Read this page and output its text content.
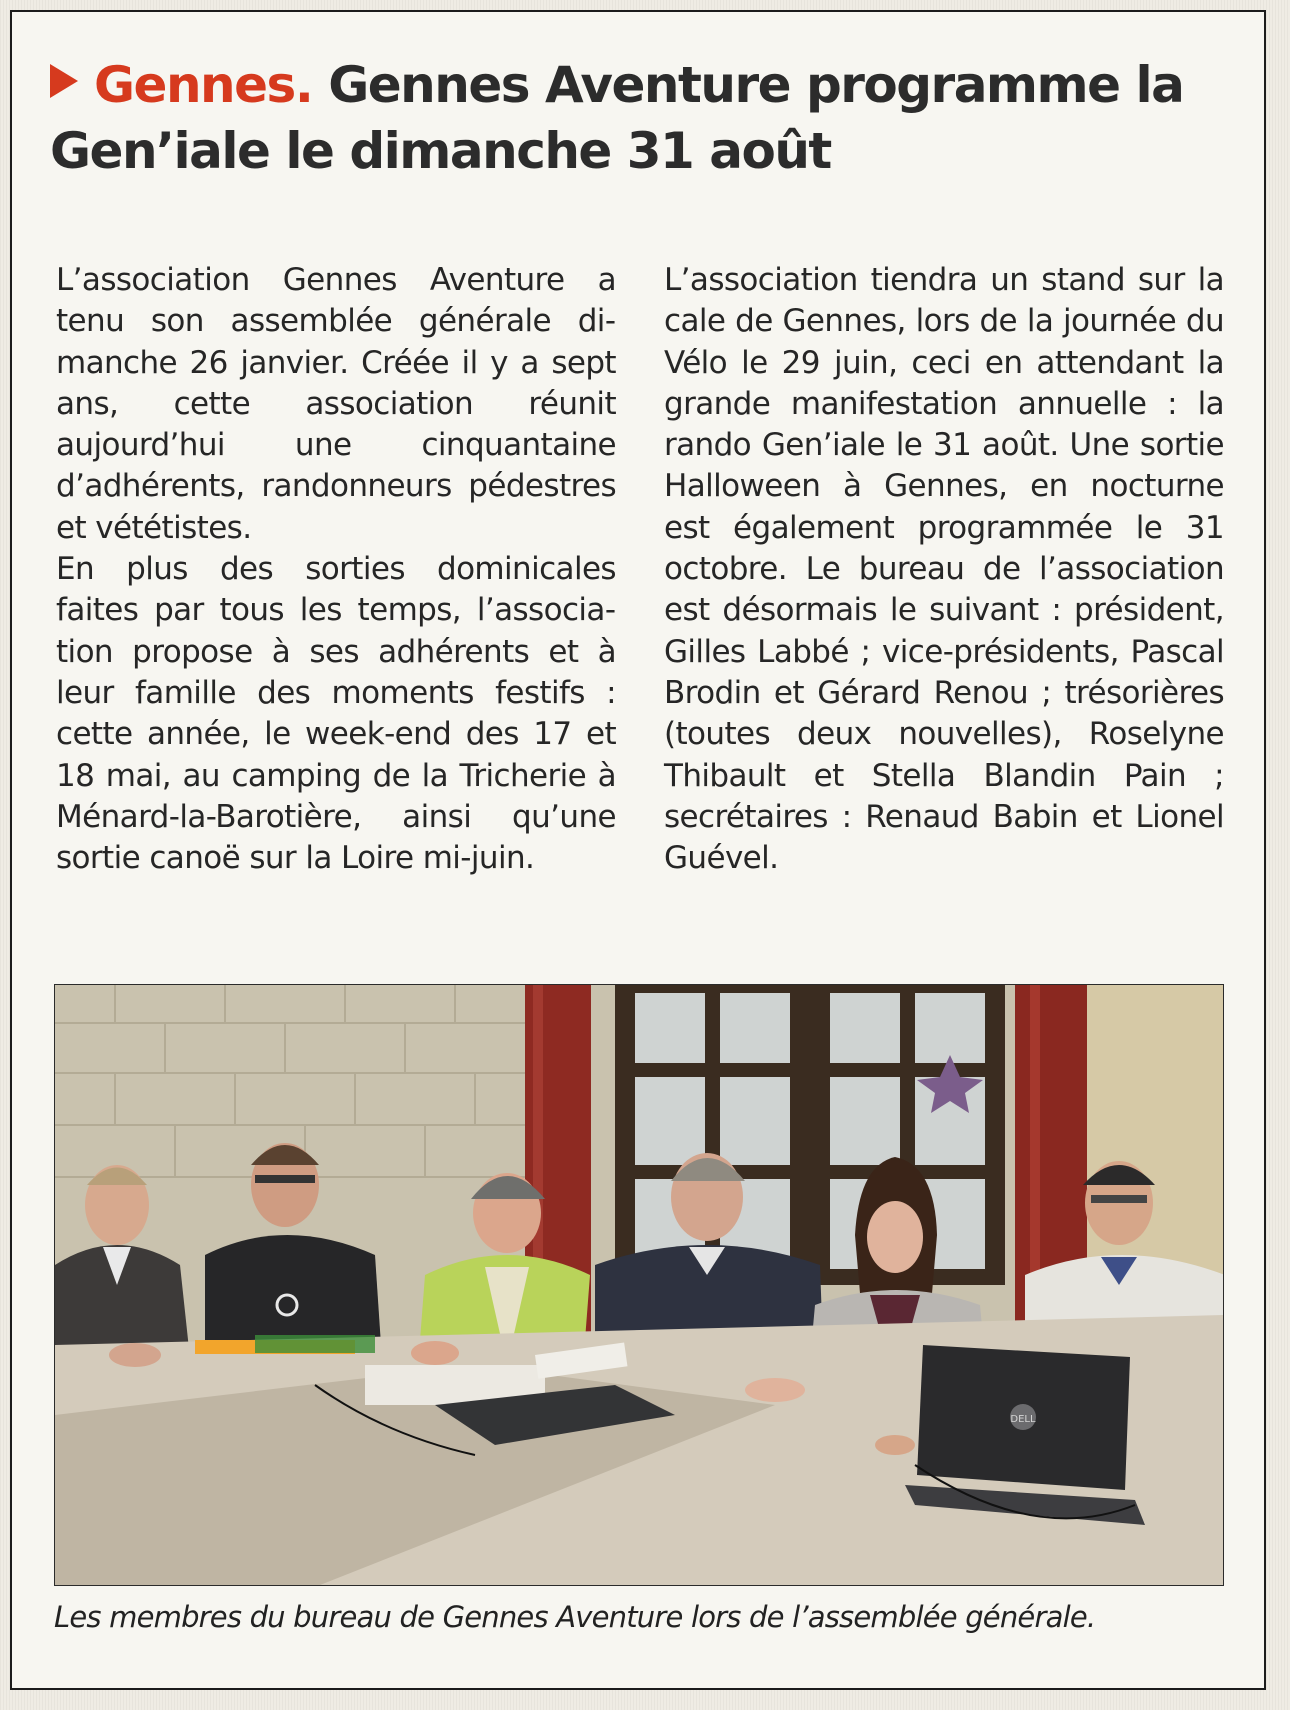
Gennes. Gennes Aventure programme la Gen’iale le dimanche 31 août

L’association Gennes Aventure a tenu son assemblée générale dimanche 26 janvier. Créée il y a sept ans, cette association réunit aujourd’hui une cinquantaine d’adhérents, randonneurs pédestres et vététistes.

En plus des sorties dominicales faites par tous les temps, l’association propose à ses adhérents et à leur famille des moments festifs : cette année, le week-end des 17 et 18 mai, au camping de la Tricherie à Ménard-la-Barotière, ainsi qu’une sortie canoë sur la Loire mi-juin.

L’association tiendra un stand sur la cale de Gennes, lors de la journée du Vélo le 29 juin, ceci en attendant la grande manifestation annuelle : la rando Gen’iale le 31 août. Une sortie Halloween à Gennes, en nocturne est également programmée le 31 octobre. Le bureau de l’association est désormais le suivant : président, Gilles Labbé ; vice-présidents, Pascal Brodin et Gérard Renou ; trésorières (toutes deux nouvelles), Roselyne Thibault et Stella Blandin Pain ; secrétaires : Renaud Babin et Lionel Guével.

DELL

Les membres du bureau de Gennes Aventure lors de l’assemblée générale.
